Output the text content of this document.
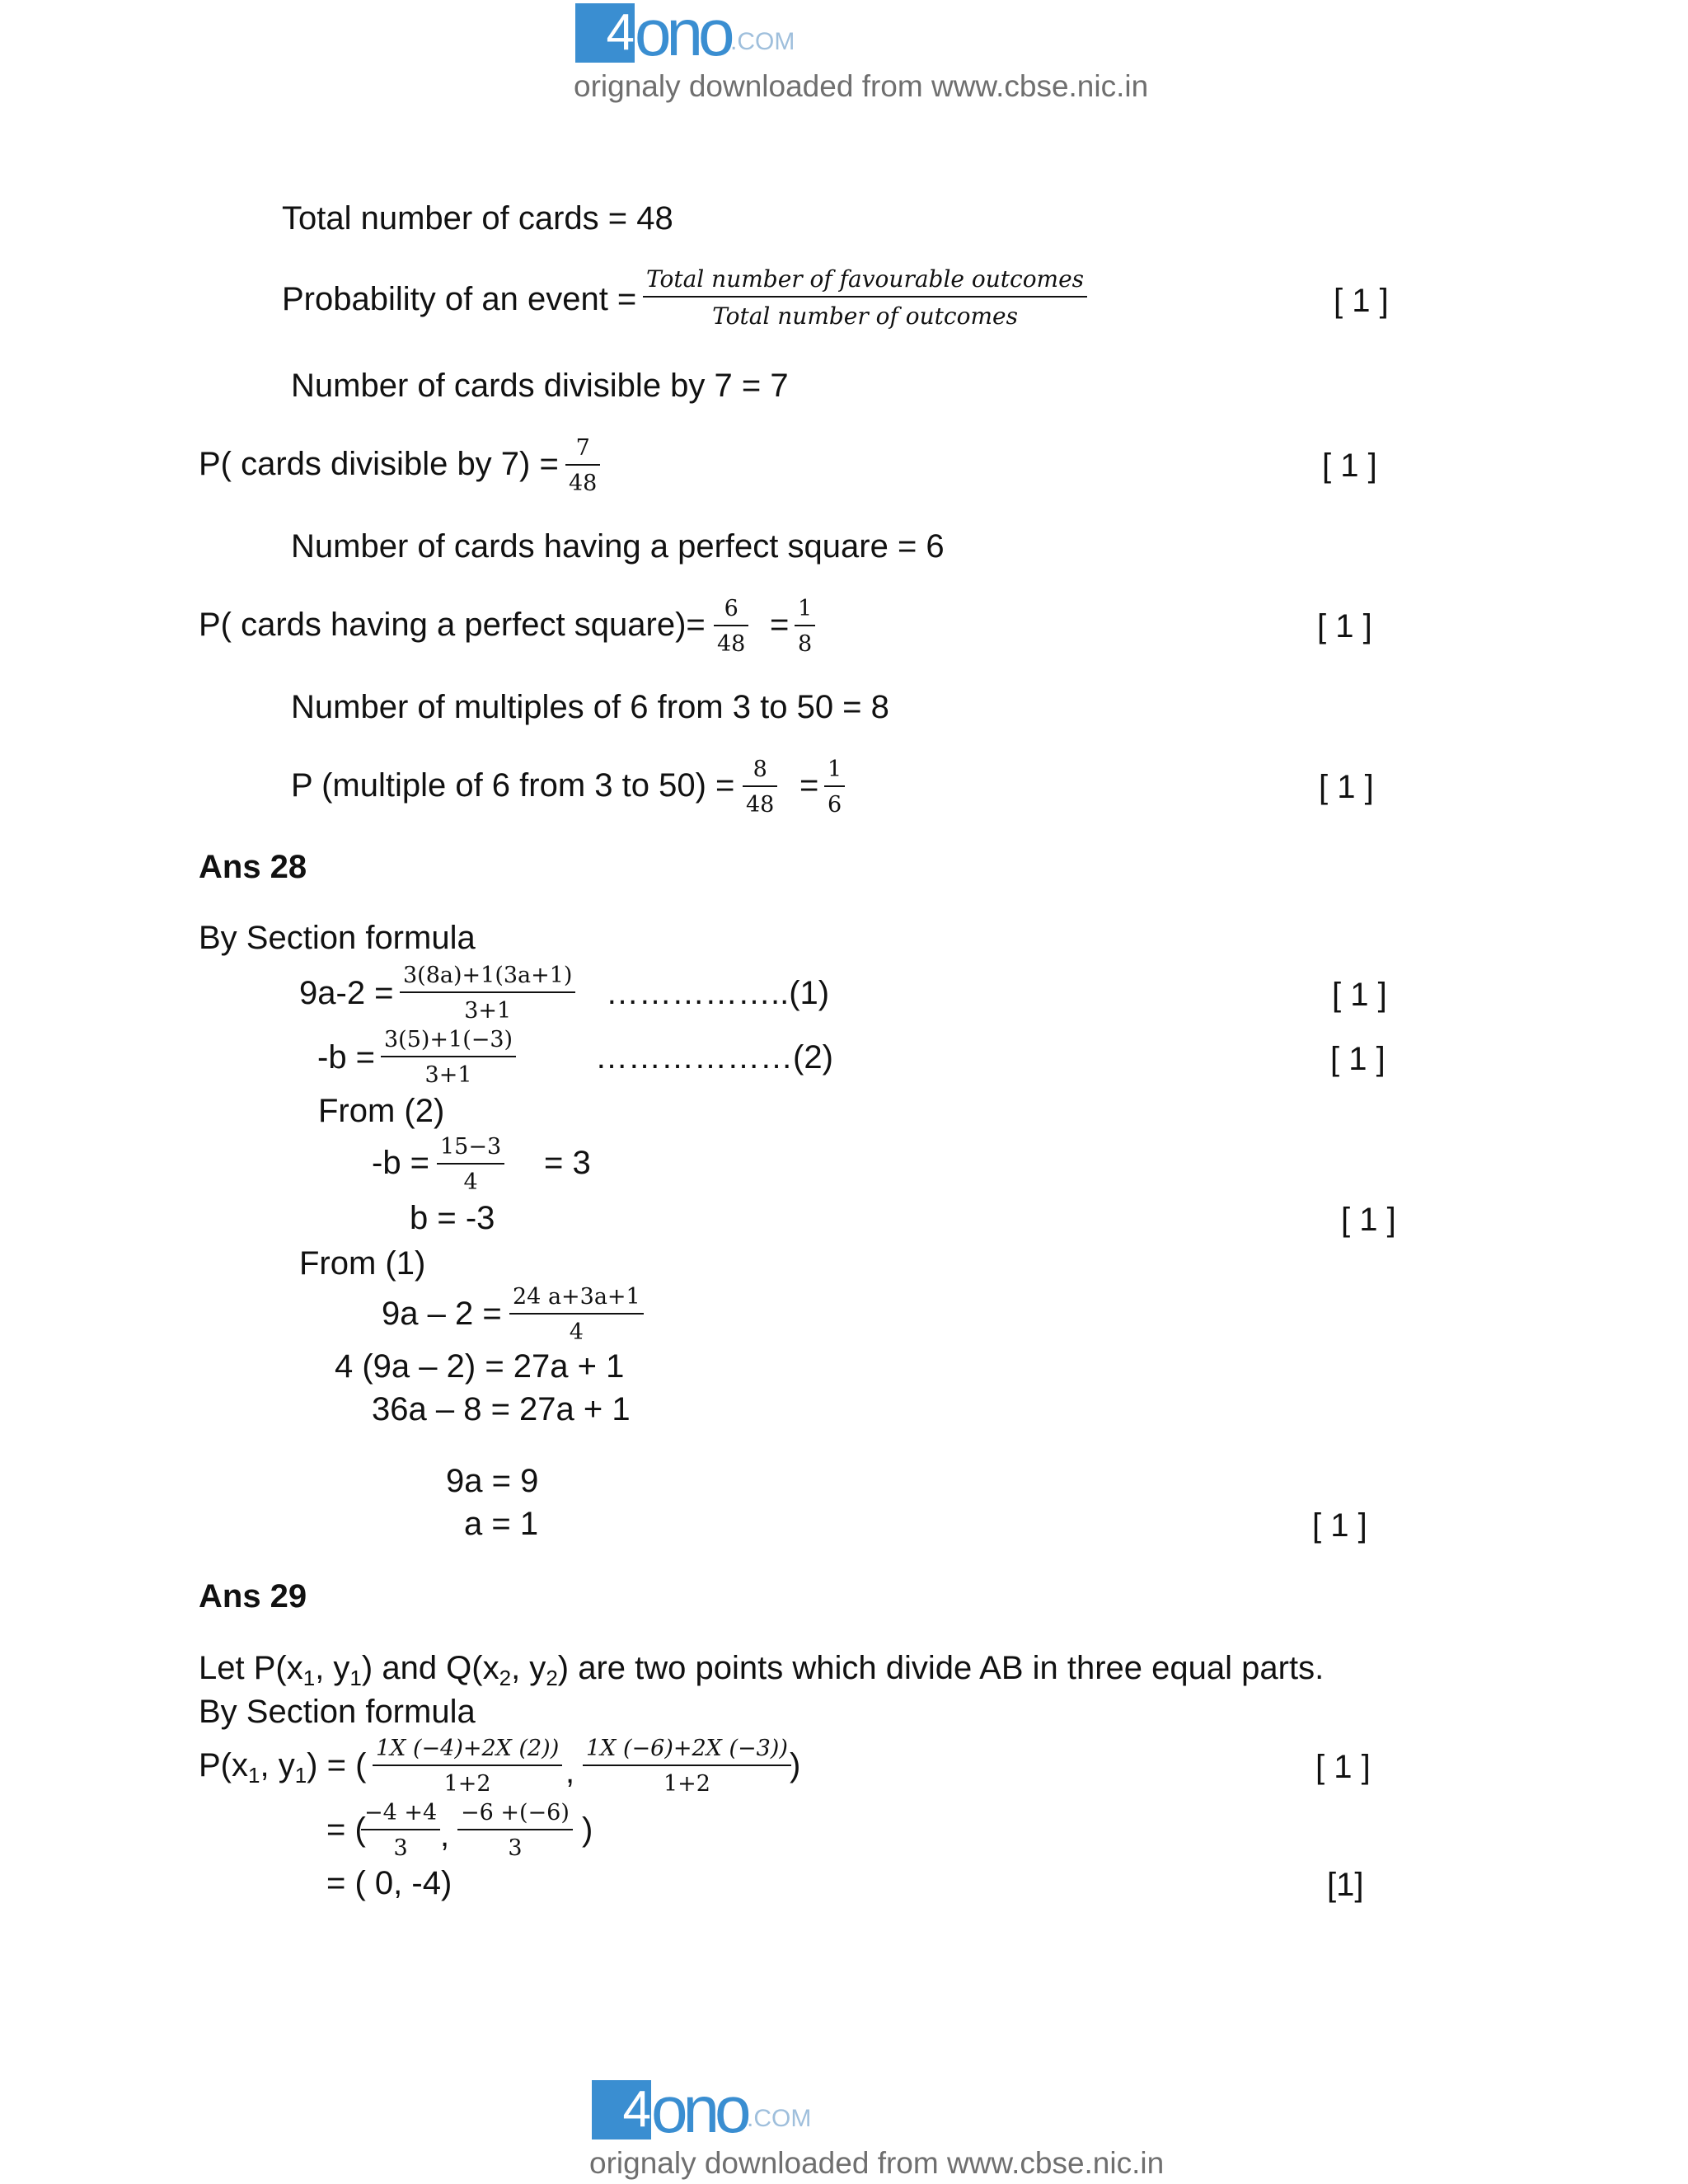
4 ono .COM
orignaly downloaded from www.cbse.nic.in
Total number of cards = 48
Probability of an event =
Total number of favourable outcomes
Total number of outcomes	[ 1 ]
Number of cards divisible by 7 = 7
P( cards divisible by 7) = 7
48	[ 1 ]
Number of cards having a perfect square = 6
P( cards having a perfect square)= 6
48
= 1
8	[ 1 ]
Number of multiples of 6 from 3 to 50 = 8
P (multiple of 6 from 3 to 50) = 8
48
= 1
6	[ 1 ]
Ans 28
By Section formula
9a-2 = 3(8a)+1(3a+1)
3+1	……………..(1)	[ 1 ]
-b = 3(5)+1(−3)
3+1	………………(2)	[ 1 ]
From (2)
-b = 15−3
4
= 3
b = -3	[ 1 ]
From (1)
9a – 2 = 24 a+3a+1
4
4 (9a – 2) = 27a + 1
36a – 8 = 27a + 1
9a = 9
a = 1	[ 1 ]
Ans 29
Let $P(x_1$, $y_1$) and $Q(x_2$, $y_2$) are two points which divide AB in three equal parts.
By Section formula
$P(x_1$, $y_1$) = ( 1X (−4)+2X (2))
1+2 ,
1X (−6)+2X (−3))
1+2
)	[ 1 ]
= (
−4 +4
3 ,
−6 +(−6)
3
)
= ( 0, -4)	[1]
4 ono .COM
orignaly downloaded from www.cbse.nic.in
